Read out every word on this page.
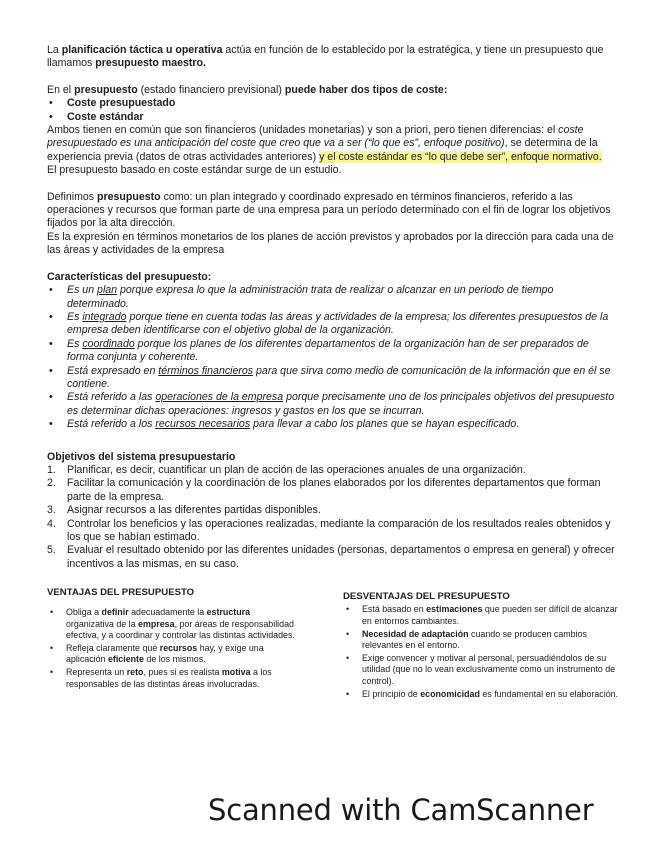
La planificación táctica u operativa actúa en función de lo establecido por la estratégica, y tiene un presupuesto que llamamos presupuesto maestro.

En el presupuesto (estado financiero previsional) puede haber dos tipos de coste:

• Coste presupuestado
• Coste estándar

Ambos tienen en común que son financieros (unidades monetarias) y son a priori, pero tienen diferencias: el coste presupuestado es una anticipación del coste que creo que va a ser (“lo que es”, enfoque positivo), se determina de la experiencia previa (datos de otras actividades anteriores) y el coste estándar es “lo que debe ser”, enfoque normativo.

El presupuesto basado en coste estándar surge de un estudio.

Definimos presupuesto como: un plan integrado y coordinado expresado en términos financieros, referido a las operaciones y recursos que forman parte de una empresa para un período determinado con el fin de lograr los objetivos fijados por la alta dirección.

Es la expresión en términos monetarios de los planes de acción previstos y aprobados por la dirección para cada una de las áreas y actividades de la empresa

Características del presupuesto:

• Es un plan porque expresa lo que la administración trata de realizar o alcanzar en un periodo de tiempo determinado.
• Es integrado porque tiene en cuenta todas las áreas y actividades de la empresa; los diferentes presupuestos de la empresa deben identificarse con el objetivo global de la organización.
• Es coordinado porque los planes de los diferentes departamentos de la organización han de ser preparados de forma conjunta y coherente.
• Está expresado en términos financieros para que sirva como medio de comunicación de la información que en él se contiene.
• Está referido a las operaciones de la empresa porque precisamente uno de los principales objetivos del presupuesto es determinar dichas operaciones: ingresos y gastos en los que se incurran.
• Está referido a los recursos necesarios para llevar a cabo los planes que se hayan especificado.

Objetivos del sistema presupuestario

1. Planificar, es decir, cuantificar un plan de acción de las operaciones anuales de una organización.
2. Facilitar la comunicación y la coordinación de los planes elaborados por los diferentes departamentos que forman parte de la empresa.
3. Asignar recursos a las diferentes partidas disponibles.
4. Controlar los beneficios y las operaciones realizadas, mediante la comparación de los resultados reales obtenidos y los que se habían estimado.
5. Evaluar el resultado obtenido por las diferentes unidades (personas, departamentos o empresa en general) y ofrecer incentivos a las mismas, en su caso.
VENTAJAS DEL PRESUPUESTO
• Obliga a definir adecuadamente la estructura organizativa de la empresa, por áreas de responsabilidad efectiva, y a coordinar y controlar las distintas actividades.
• Refleja claramente qué recursos hay, y exige una aplicación eficiente de los mismos.
• Representa un reto, pues si es realista motiva a los responsables de las distintas áreas involucradas.
DESVENTAJAS DEL PRESUPUESTO
• Está basado en estimaciones que pueden ser difícil de alcanzar en entornos cambiantes.
• Necesidad de adaptación cuando se producen cambios relevantes en el entorno.
• Exige convencer y motivar al personal, persuadiéndolos de su utilidad (que no lo vean exclusivamente como un instrumento de control).
• El principio de economicidad es fundamental en su elaboración.
Scanned with CamScanner
